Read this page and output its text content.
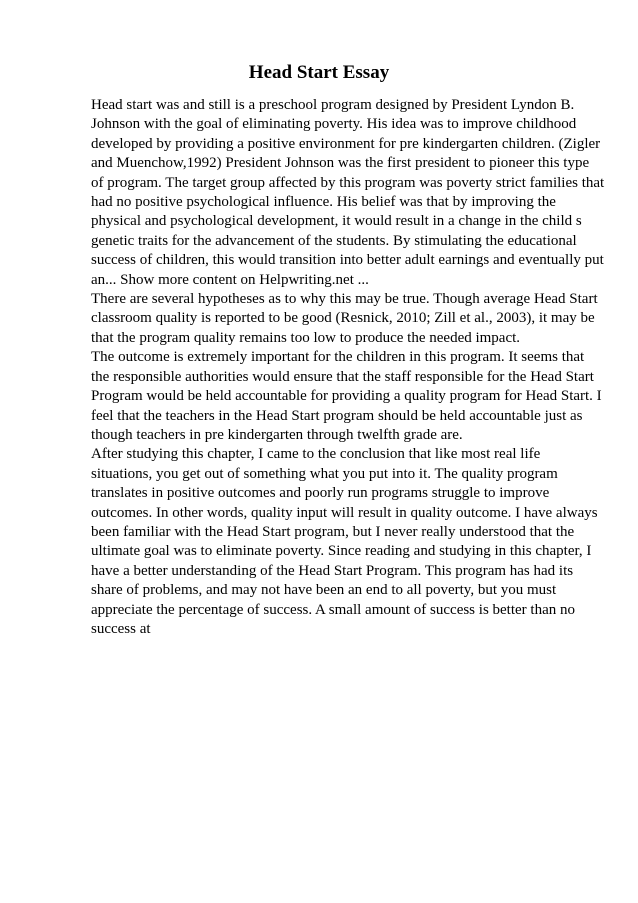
Head Start Essay
Head start was and still is a preschool program designed by President Lyndon B.
Johnson with the goal of eliminating poverty. His idea was to improve childhood
developed by providing a positive environment for pre kindergarten children. (Zigler
and Muenchow,1992) President Johnson was the first president to pioneer this type
of program. The target group affected by this program was poverty strict families that
had no positive psychological influence. His belief was that by improving the
physical and psychological development, it would result in a change in the child s
genetic traits for the advancement of the students. By stimulating the educational
success of children, this would transition into better adult earnings and eventually put
an... Show more content on Helpwriting.net ...
There are several hypotheses as to why this may be true. Though average Head Start
classroom quality is reported to be good (Resnick, 2010; Zill et al., 2003), it may be
that the program quality remains too low to produce the needed impact.
The outcome is extremely important for the children in this program. It seems that
the responsible authorities would ensure that the staff responsible for the Head Start
Program would be held accountable for providing a quality program for Head Start. I
feel that the teachers in the Head Start program should be held accountable just as
though teachers in pre kindergarten through twelfth grade are.
After studying this chapter, I came to the conclusion that like most real life
situations, you get out of something what you put into it. The quality program
translates in positive outcomes and poorly run programs struggle to improve
outcomes. In other words, quality input will result in quality outcome. I have always
been familiar with the Head Start program, but I never really understood that the
ultimate goal was to eliminate poverty. Since reading and studying in this chapter, I
have a better understanding of the Head Start Program. This program has had its
share of problems, and may not have been an end to all poverty, but you must
appreciate the percentage of success. A small amount of success is better than no
success at
